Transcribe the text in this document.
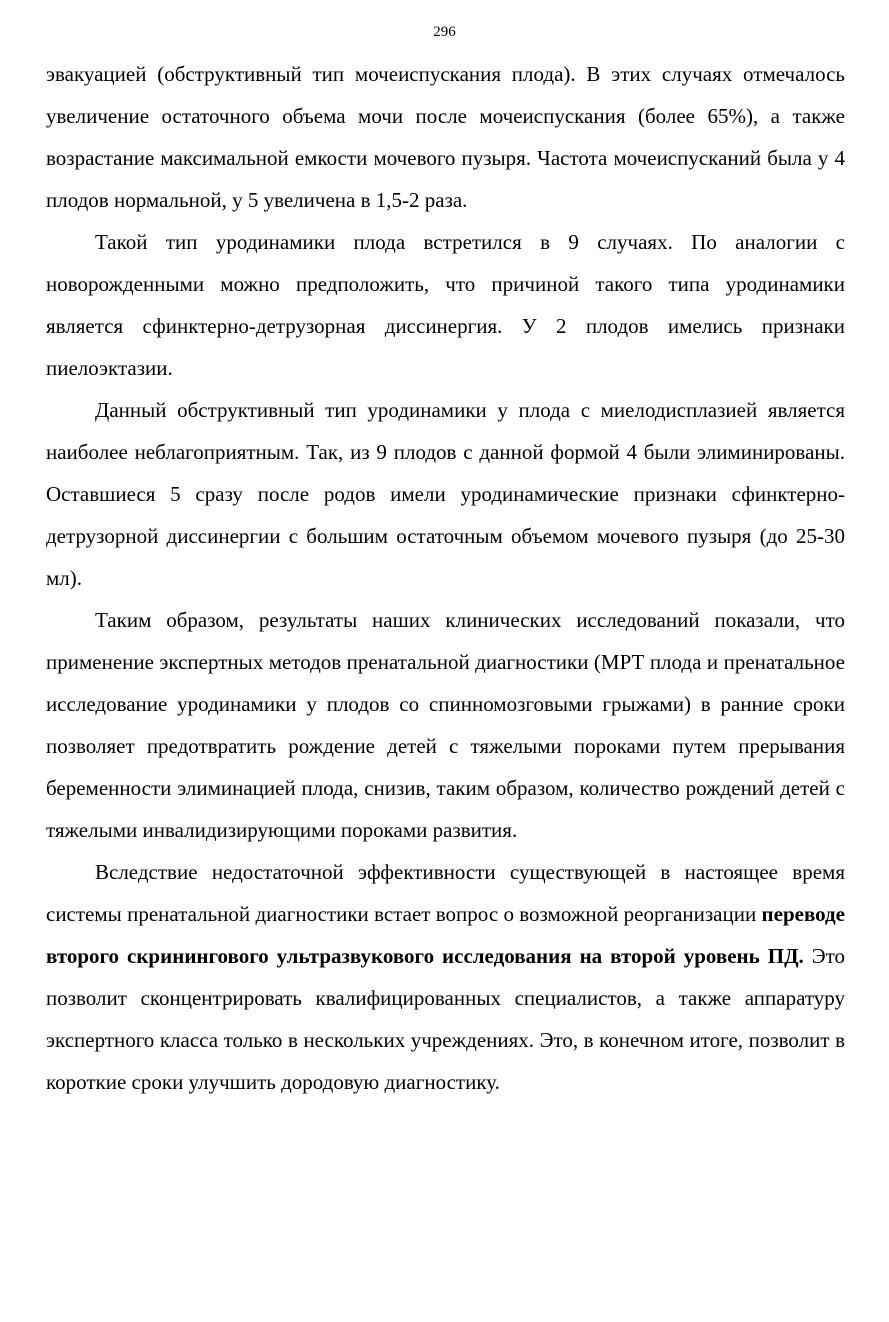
296

эвакуацией (обструктивный тип мочеиспускания плода). В этих случаях отмечалось увеличение остаточного объема мочи после мочеиспускания (более 65%), а также возрастание максимальной емкости мочевого пузыря. Частота мочеиспусканий была у 4 плодов нормальной, у 5 увеличена в 1,5-2 раза.

Такой тип уродинамики плода встретился в 9 случаях. По аналогии с новорожденными можно предположить, что причиной такого типа уродинамики является сфинктерно-детрузорная диссинергия. У 2 плодов имелись признаки пиелоэктазии.

Данный обструктивный тип уродинамики у плода с миелодисплазией является наиболее неблагоприятным. Так, из 9 плодов с данной формой 4 были элиминированы. Оставшиеся 5 сразу после родов имели уродинамические признаки сфинктерно-детрузорной диссинергии с большим остаточным объемом мочевого пузыря (до 25-30 мл).

Таким образом, результаты наших клинических исследований показали, что применение экспертных методов пренатальной диагностики (МРТ плода и пренатальное исследование уродинамики у плодов со спинномозговыми грыжами) в ранние сроки позволяет предотвратить рождение детей с тяжелыми пороками путем прерывания беременности элиминацией плода, снизив, таким образом, количество рождений детей с тяжелыми инвалидизирующими пороками развития.

Вследствие недостаточной эффективности существующей в настоящее время системы пренатальной диагностики встает вопрос о возможной реорганизации переводе второго скринингового ультразвукового исследования на второй уровень ПД. Это позволит сконцентрировать квалифицированных специалистов, а также аппаратуру экспертного класса только в нескольких учреждениях. Это, в конечном итоге, позволит в короткие сроки улучшить дородовую диагностику.
